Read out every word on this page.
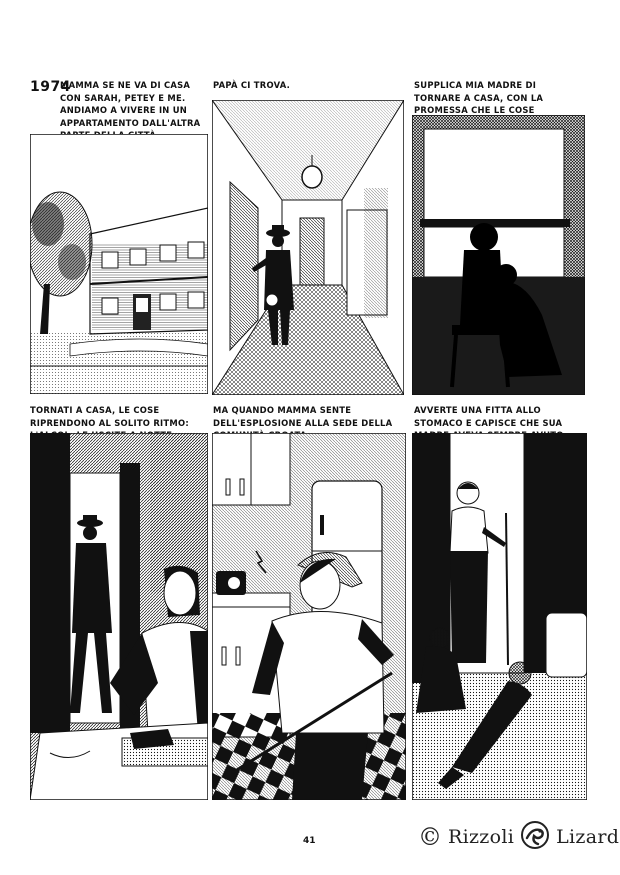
1974
MAMMA SE NE VA DI CASA CON SARAH, PETEY E ME. ANDIAMO A VIVERE IN UN APPARTAMENTO DALL'ALTRA
PAPÀ CI TROVA.	SUPPLICA MIA MADRE DI TORNARE A CASA, CON LA PROMESSA CHE LE COSE
TORNATI A CASA, LE COSE RIPRENDONO AL SOLITO RITMO:
MA QUANDO MAMMA SENTE DELL'ESPLOSIONE ALLA SEDE DELLA
AVVERTE UNA FITTA ALLO STOMACO E CAPISCE CHE SUA
41	© Rizzoli Lizard
